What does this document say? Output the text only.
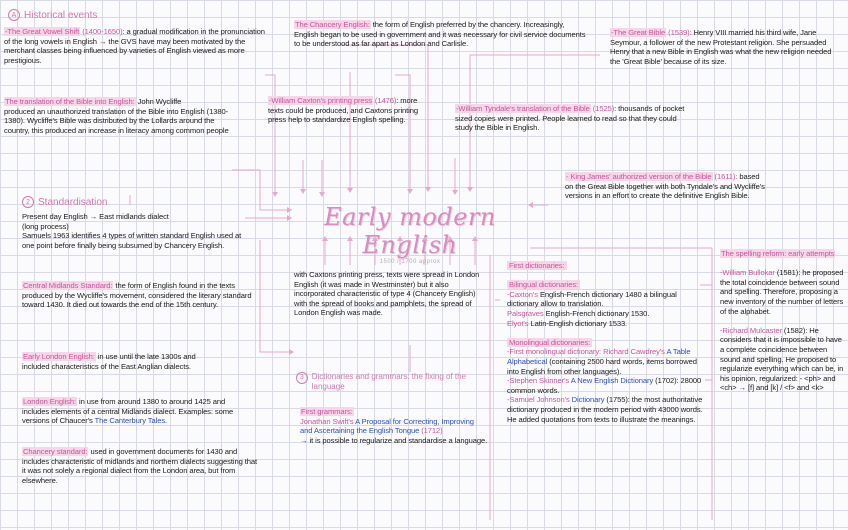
A Historical events
2 Standardisation
3 Dictionaries and grammars: the fixing of the language
Early modern English
1500 / 1700 approx
-The Great Vowel Shift (1400-1650): a gradual modification in the pronunciation of the long vowels in English → the GVS have may been motivated by the merchant classes being influenced by varieties of English viewed as more prestigious.
The translation of the Bible into English: John Wycliffe
produced an unauthorized translation of the Bible into English (1380-1380). Wycliffe's Bible was distributed by the Lollards around the country, this produced an increase in literacy among common people
The Chancery English: the form of English preferred by the chancery. Increasingly, English began to be used in government and it was necessary for civil service documents to be understood as far apart as London and Carlisle.
-William Caxton's printing press (1476): more texts could be produced, and Caxtons printing press help to standardize English spelling.
-The Great Bible (1539): Henry VIII married his third wife, Jane Seymour, a follower of the new Protestant religion. She persuaded Henry that a new Bible in English was what the new religion needed the 'Great Bible' because of its size.
-William Tyndale's translation of the Bible (1525): thousands of pocket sized copies were printed. People learned to read so that they could study the Bible in English.
- King James' authorized version of the Bible (1611): based on the Great Bible together with both Tyndale's and Wycliffe's versions in an effort to create the definitive English Bible.
Present day English → East midlands dialect
(long process)
Samuels 1963 identifies 4 types of written standard English used at one point before finally being subsumed by Chancery English.
Central Midlands Standard: the form of English found in the texts produced by the Wycliffe's movement, considered the literary standard toward 1430. It died out towards the end of the 15th century.
Early London English: in use until the late 1300s and included characteristics of the East Anglian dialects.
London English: in use from around 1380 to around 1425 and includes elements of a central Midlands dialect. Examples: some versions of Chaucer's The Canterbury Tales.
Chancery standard: used in government documents for 1430 and includes characteristic of midlands and northern dialects suggesting that it was not solely a regional dialect from the London area, but from elsewhere.
with Caxtons printing press, texts were spread in London English (it was made in Westminster) but it also incorporated characteristic of type 4 (Chancery English) with the spread of books and pamphlets, the spread of London English was made.
First grammars:
Jonathan Swift's A Proposal for Correcting, Improving and Ascertaining the English Tongue (1712)
→ it is possible to regularize and standardise a language.
First dictionaries:

Bilingual dictionaries:
-Caxton's English-French dictionary 1480 a bilingual dictionary allow to translation.
Palsgraves English-French dictionary 1530.
Elyot's Latin-English dictionary 1533.

Monolingual dictionaries:
-First monolingual dictionary: Richard Cawdrey's A Table Alphabetical (containing 2500 hard words, items borrowed into English from other languages).
-Stephen Skinner's A New English Dictionary (1702): 28000 common words.
-Samuel Johnson's Dictionary (1755): the most authoritative dictionary produced in the modern period with 43000 words. He added quotations from texts to illustrate the meanings.
The spelling reform: early attempts

-William Bullokar (1581): he proposed the total coincidence between sound and spelling. Therefore, proposing a new inventory of the number of letters of the alphabet.

-Richard Mulcaster (1582): He considers that it is impossible to have a complete coincidence between sound and spelling. He proposed to regularize everything which can be, in his opinion, regularized: - <ph> and <ch> → [f] and [k] / <f> and <k>
